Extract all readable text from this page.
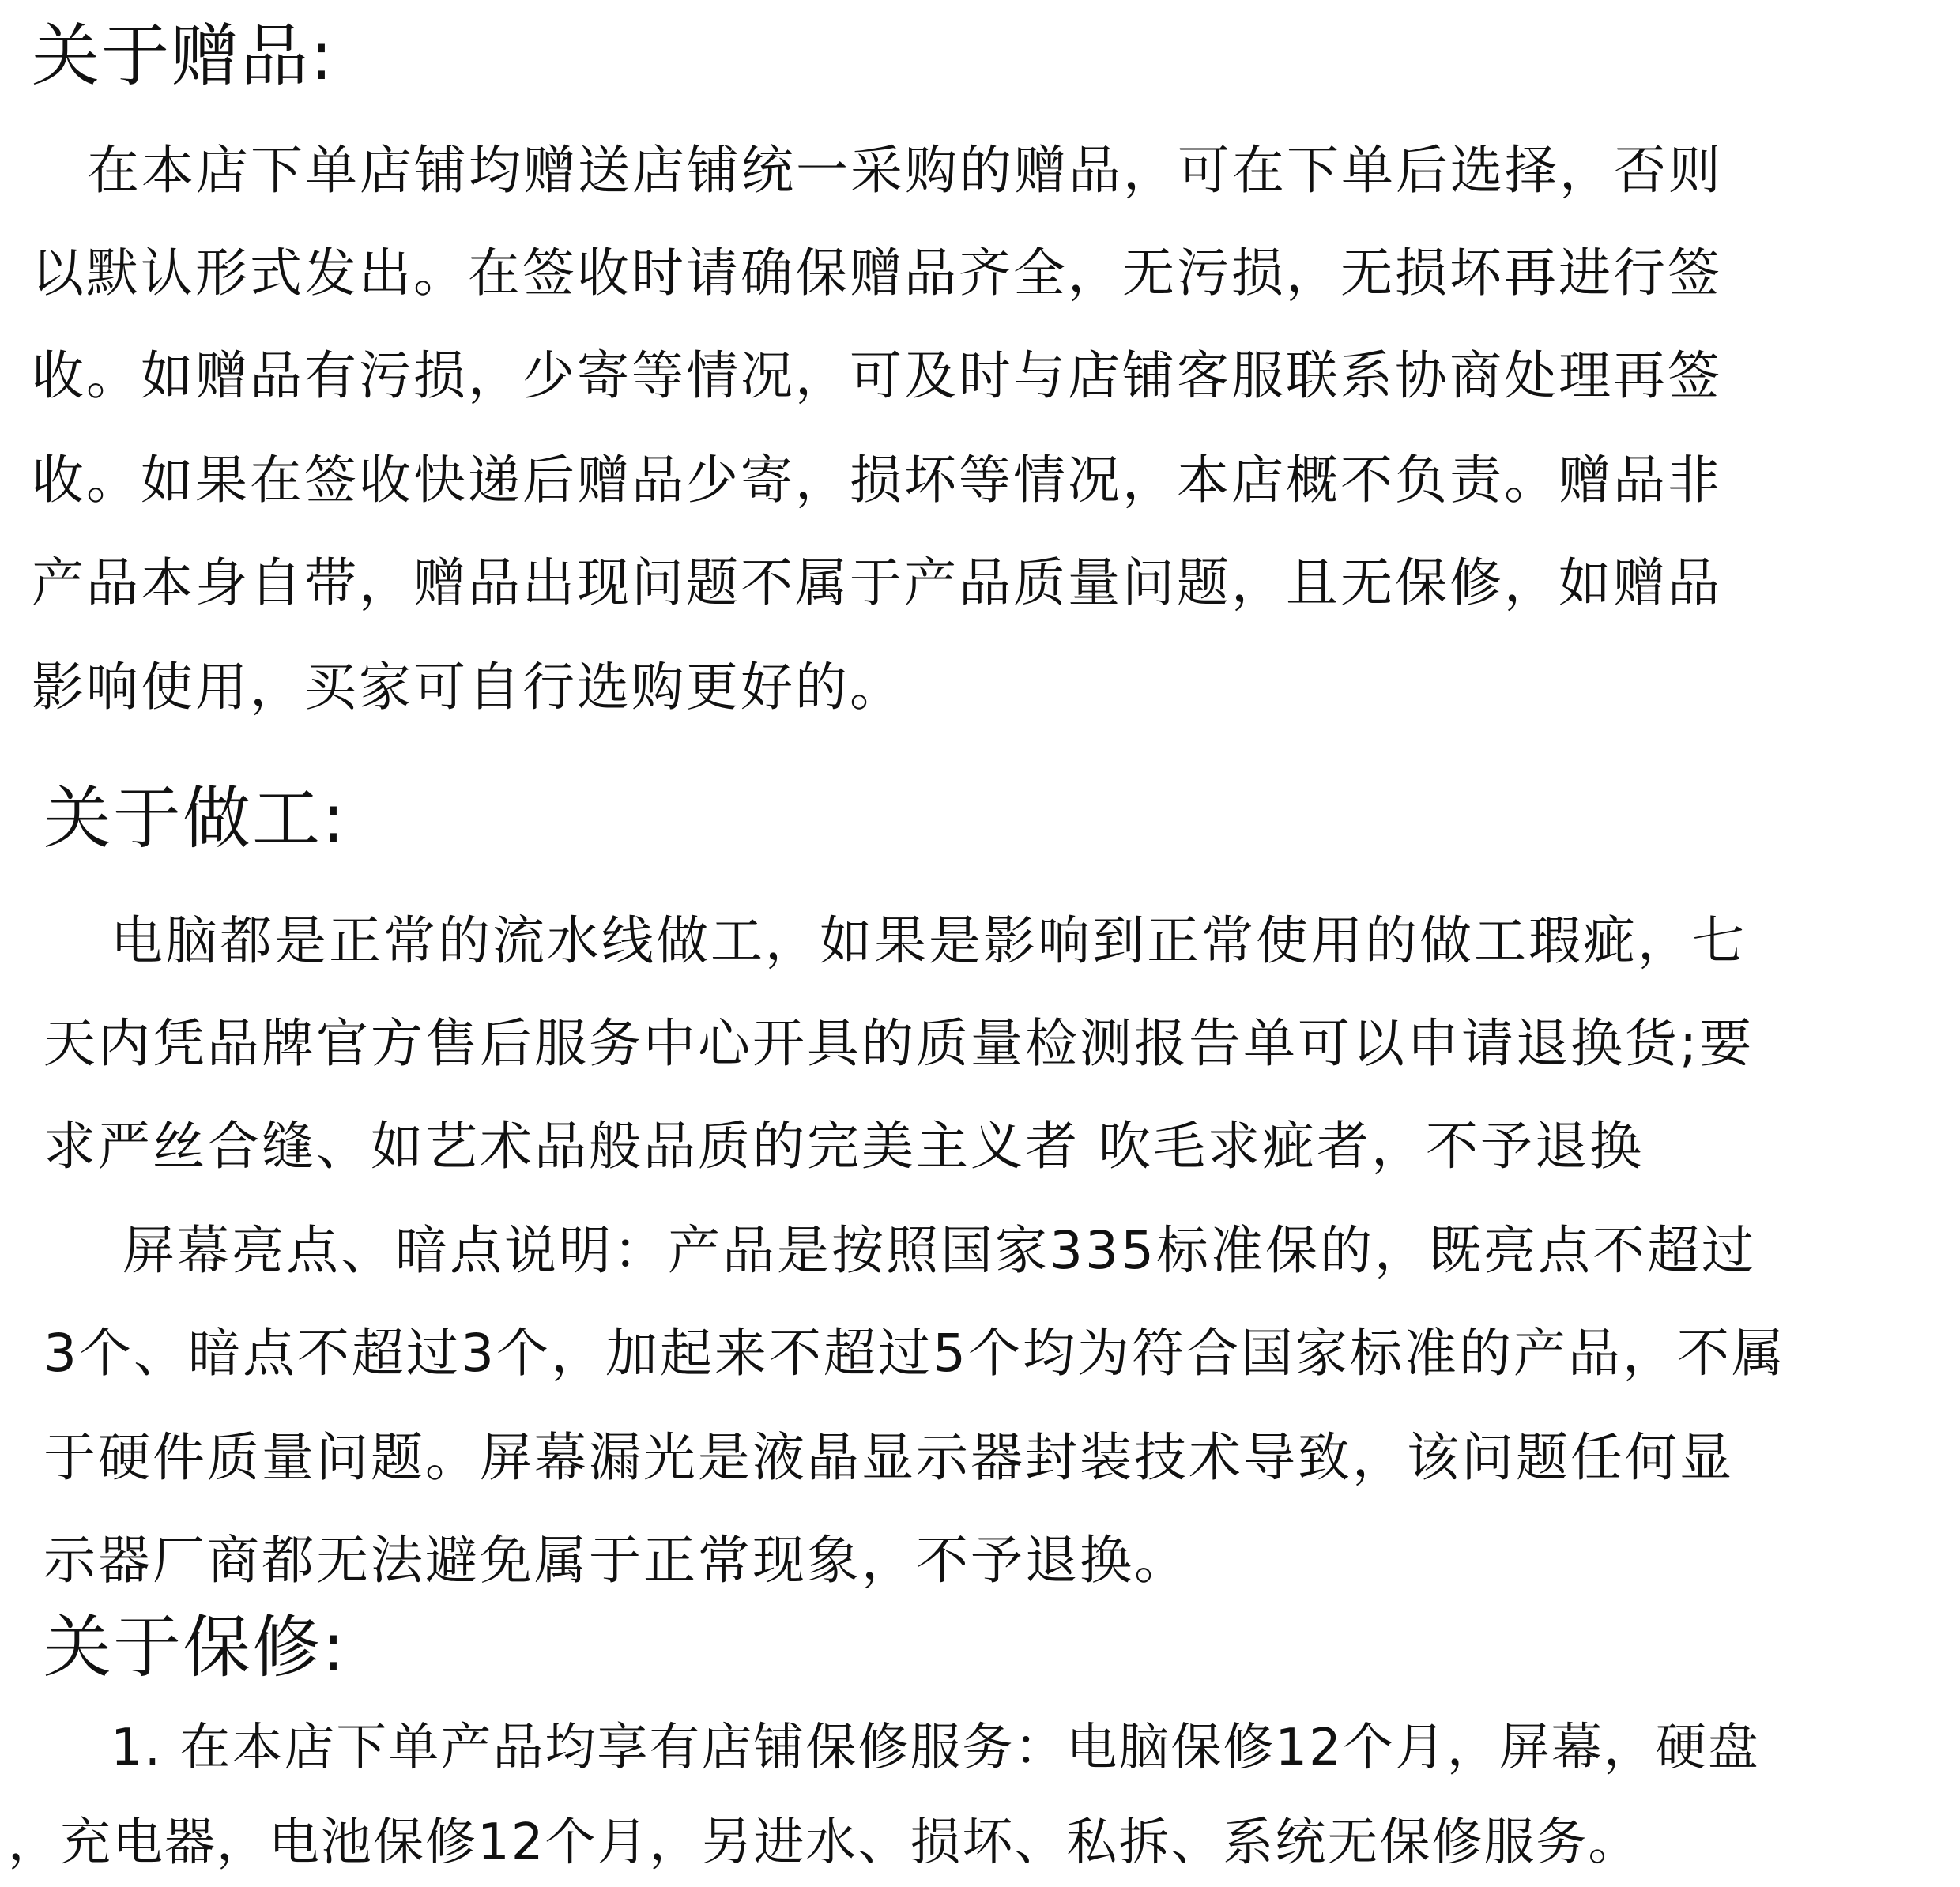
关于赠品:

在本店下单店铺均赠送店铺统一采购的赠品，可在下单后选择，否则

以默认形式发出。在签收时请确保赠品齐全，无污损，无损坏再进行签

收。如赠品有污损，少寄等情况，可及时与店铺客服联系协商处理再签

收。如果在签收快递后赠品少寄，损坏等情况，本店概不负责。赠品非

产品本身自带，赠品出现问题不属于产品质量问题，且无保修，如赠品

影响使用，买家可自行选购更好的。

关于做工:

电脑都是正常的流水线做工，如果是影响到正常使用的做工瑕疵，七

天内凭品牌官方售后服务中心开具的质量检测报告单可以申请退换货;要

求严丝合缝、如艺术品般品质的完美主义者 吹毛求疵者，不予退换

屏幕亮点、暗点说明：产品是按照国家335标准保的，既亮点不超过

3个、暗点不超过3个，加起来不超过5个均为符合国家标准的产品，不属

于硬件质量问题。屏幕漏光是液晶显示器封装技术导致，该问题任何显

示器厂商都无法避免属于正常现象，不予退换。

关于保修:

1. 在本店下单产品均享有店铺保修服务：电脑保修12个月，屏幕，硬盘

，充电器，电池保修12个月，另进水、损坏、私拆、系统无保修服务。
